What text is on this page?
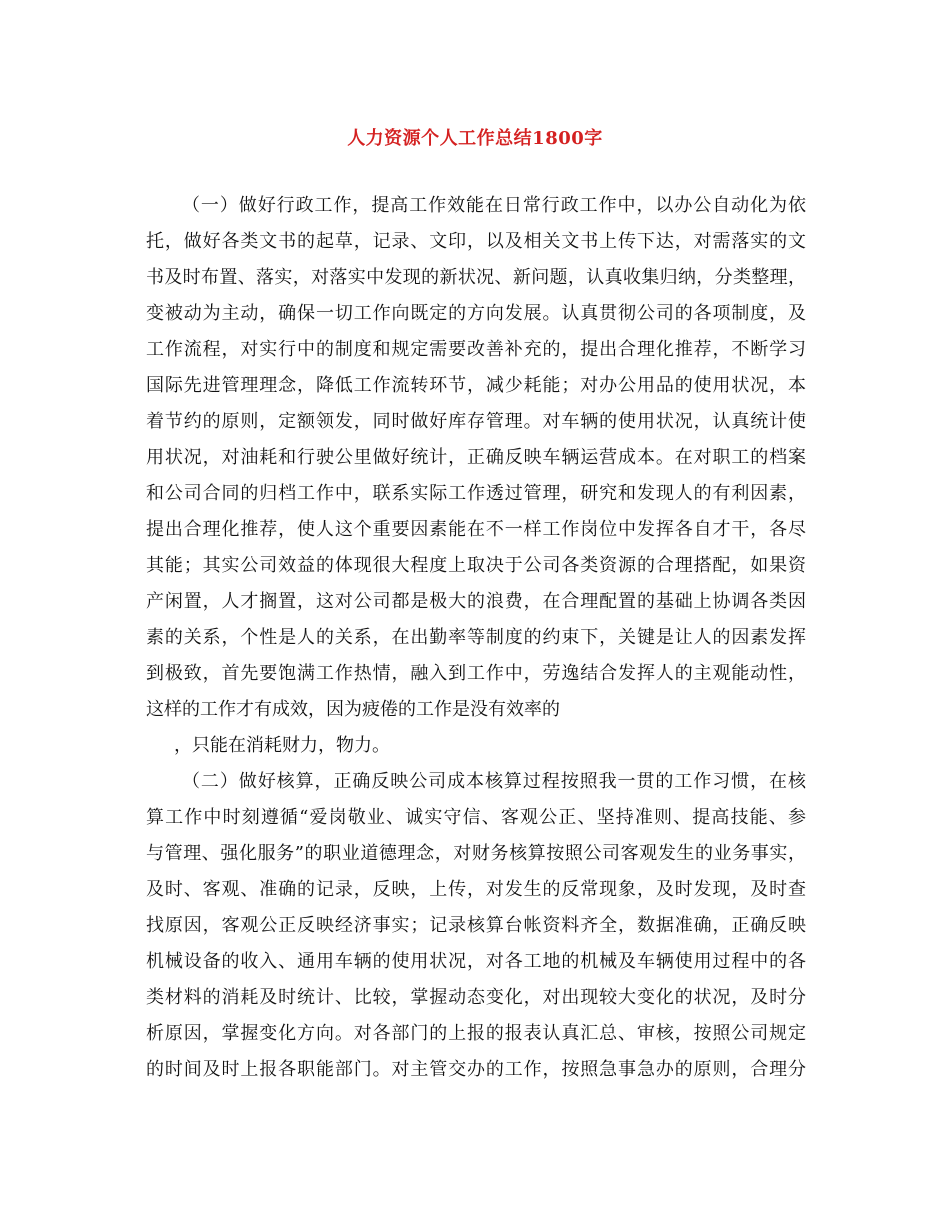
人力资源个人工作总结1800字
（一）做好行政工作，提高工作效能在日常行政工作中，以办公自动化为依
托，做好各类文书的起草，记录、文印，以及相关文书上传下达，对需落实的文
书及时布置、落实，对落实中发现的新状况、新问题，认真收集归纳，分类整理，
变被动为主动，确保一切工作向既定的方向发展。认真贯彻公司的各项制度，及
工作流程，对实行中的制度和规定需要改善补充的，提出合理化推荐，不断学习
国际先进管理理念，降低工作流转环节，减少耗能；对办公用品的使用状况，本
着节约的原则，定额领发，同时做好库存管理。对车辆的使用状况，认真统计使
用状况，对油耗和行驶公里做好统计，正确反映车辆运营成本。在对职工的档案
和公司合同的归档工作中，联系实际工作透过管理，研究和发现人的有利因素，
提出合理化推荐，使人这个重要因素能在不一样工作岗位中发挥各自才干，各尽
其能；其实公司效益的体现很大程度上取决于公司各类资源的合理搭配，如果资
产闲置，人才搁置，这对公司都是极大的浪费，在合理配置的基础上协调各类因
素的关系，个性是人的关系，在出勤率等制度的约束下，关键是让人的因素发挥
到极致，首先要饱满工作热情，融入到工作中，劳逸结合发挥人的主观能动性，
这样的工作才有成效，因为疲倦的工作是没有效率的
，只能在消耗财力，物力。
（二）做好核算，正确反映公司成本核算过程按照我一贯的工作习惯，在核
算工作中时刻遵循“爱岗敬业、诚实守信、客观公正、坚持准则、提高技能、参
与管理、强化服务”的职业道德理念，对财务核算按照公司客观发生的业务事实，
及时、客观、准确的记录，反映，上传，对发生的反常现象，及时发现，及时查
找原因，客观公正反映经济事实；记录核算台帐资料齐全，数据准确，正确反映
机械设备的收入、通用车辆的使用状况，对各工地的机械及车辆使用过程中的各
类材料的消耗及时统计、比较，掌握动态变化，对出现较大变化的状况，及时分
析原因，掌握变化方向。对各部门的上报的报表认真汇总、审核，按照公司规定
的时间及时上报各职能部门。对主管交办的工作，按照急事急办的原则，合理分
